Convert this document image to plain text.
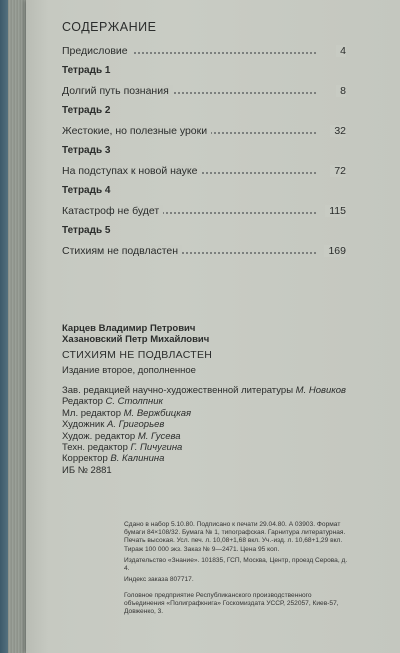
СОДЕРЖАНИЕ
Предисловие	4
Тетрадь 1
Долгий путь познания	8
Тетрадь 2
Жестокие, но полезные уроки	32
Тетрадь 3
На подступах к новой науке	72
Тетрадь 4
Катастроф не будет	115
Тетрадь 5
Стихиям не подвластен	169
Карцев Владимир Петрович
Хазановский Петр Михайлович
СТИХИЯМ НЕ ПОДВЛАСТЕН
Издание второе, дополненное
Зав. редакцией научно-художественной литературы М. Новиков
Редактор С. Столпник
Мл. редактор М. Вержбицкая
Художник А. Григорьев
Худож. редактор М. Гусева
Техн. редактор Г. Пичугина
Корректор В. Калинина
ИБ № 2881
Сдано в набор 5.10.80. Подписано к печати 29.04.80. А 03903. Формат бумаги 84×108/32. Бумага № 1, типографская. Гарнитура литературная. Печать высокая. Усл. печ. л. 10,08+1,68 вкл. Уч.-изд. л. 10,68+1,29 вкл. Тираж 100 000 экз. Заказ № 9—2471. Цена 95 коп.
Издательство «Знание». 101835, ГСП, Москва, Центр, проезд Серова, д. 4.
Индекс заказа 807717.
Головное предприятие Республиканского производственного объединения «Полиграфкнига» Госкомиздата УССР, 252057, Киев-57, Довженко, 3.
